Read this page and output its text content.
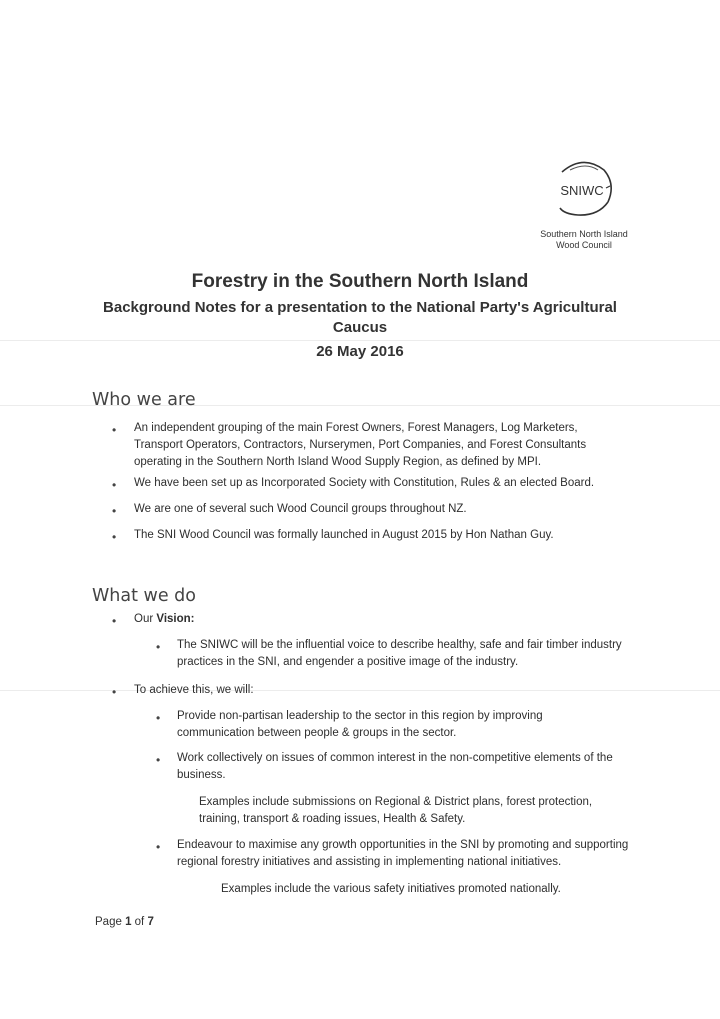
SNIWC
Southern North Island
Wood Council
Forestry in the Southern North Island
Background Notes for a presentation to the National Party's Agricultural
Caucus
26 May 2016
Who we are
• An independent grouping of the main Forest Owners, Forest Managers, Log Marketers, Transport Operators, Contractors, Nurserymen, Port Companies, and Forest Consultants operating in the Southern North Island Wood Supply Region, as defined by MPI.
• We have been set up as Incorporated Society with Constitution, Rules & an elected Board.
• We are one of several such Wood Council groups throughout NZ.
• The SNI Wood Council was formally launched in August 2015 by Hon Nathan Guy.
What we do
• Our Vision:
• The SNIWC will be the influential voice to describe healthy, safe and fair timber industry practices in the SNI, and engender a positive image of the industry.
• To achieve this, we will:
• Provide non-partisan leadership to the sector in this region by improving communication between people & groups in the sector.
• Work collectively on issues of common interest in the non-competitive elements of the business.
Examples include submissions on Regional & District plans, forest protection, training, transport & roading issues, Health & Safety.
• Endeavour to maximise any growth opportunities in the SNI by promoting and supporting regional forestry initiatives and assisting in implementing national initiatives.
Examples include the various safety initiatives promoted nationally.
Page 1 of 7
